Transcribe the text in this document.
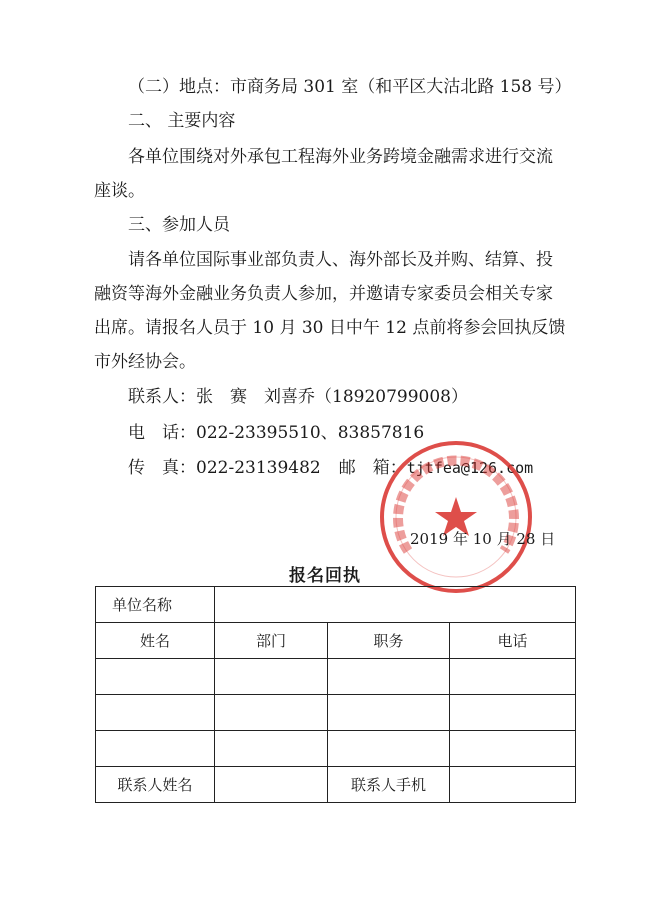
（二）地点：市商务局 301 室（和平区大沽北路 158 号）
二、 主要内容
各单位围绕对外承包工程海外业务跨境金融需求进行交流
座谈。
三、参加人员
请各单位国际事业部负责人、海外部长及并购、结算、投
融资等海外金融业务负责人参加，并邀请专家委员会相关专家
出席。请报名人员于 10 月 30 日中午 12 点前将参会回执反馈
市外经协会。
联系人：张　赛　刘喜乔（18920799008）
电　话：022-23395510、83857816
传　真：022-23139482 邮　箱：tjtfea@126.com
2019 年 10 月 28 日
报名回执
单位名称			
姓名	部门	职务	电话

联系人姓名		联系人手机	
